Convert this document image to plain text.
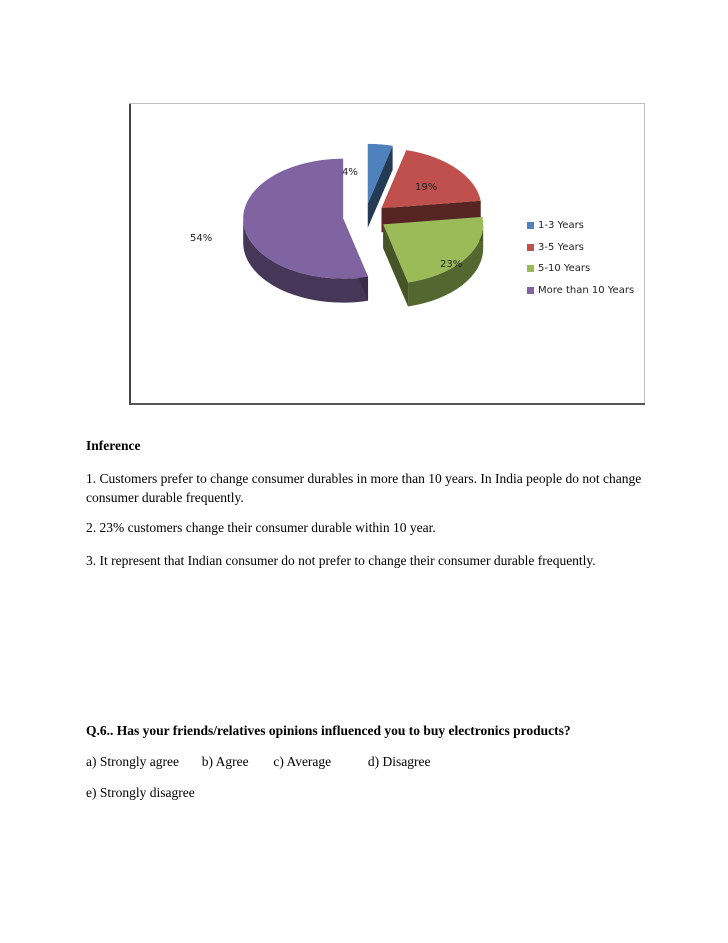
4%
19%
23%
54%
1-3 Years
3-5 Years
5-10 Years
More than 10 Years
Inference
1. Customers prefer to change consumer durables in more than 10 years. In India people do not change consumer durable frequently.
2. 23% customers change their consumer durable within 10 year.
3. It represent that Indian consumer do not prefer to change their consumer durable frequently.
Q.6.. Has your friends/relatives opinions influenced you to buy electronics products?
a) Strongly agree b) Agree c) Average	d) Disagree
e) Strongly disagree
